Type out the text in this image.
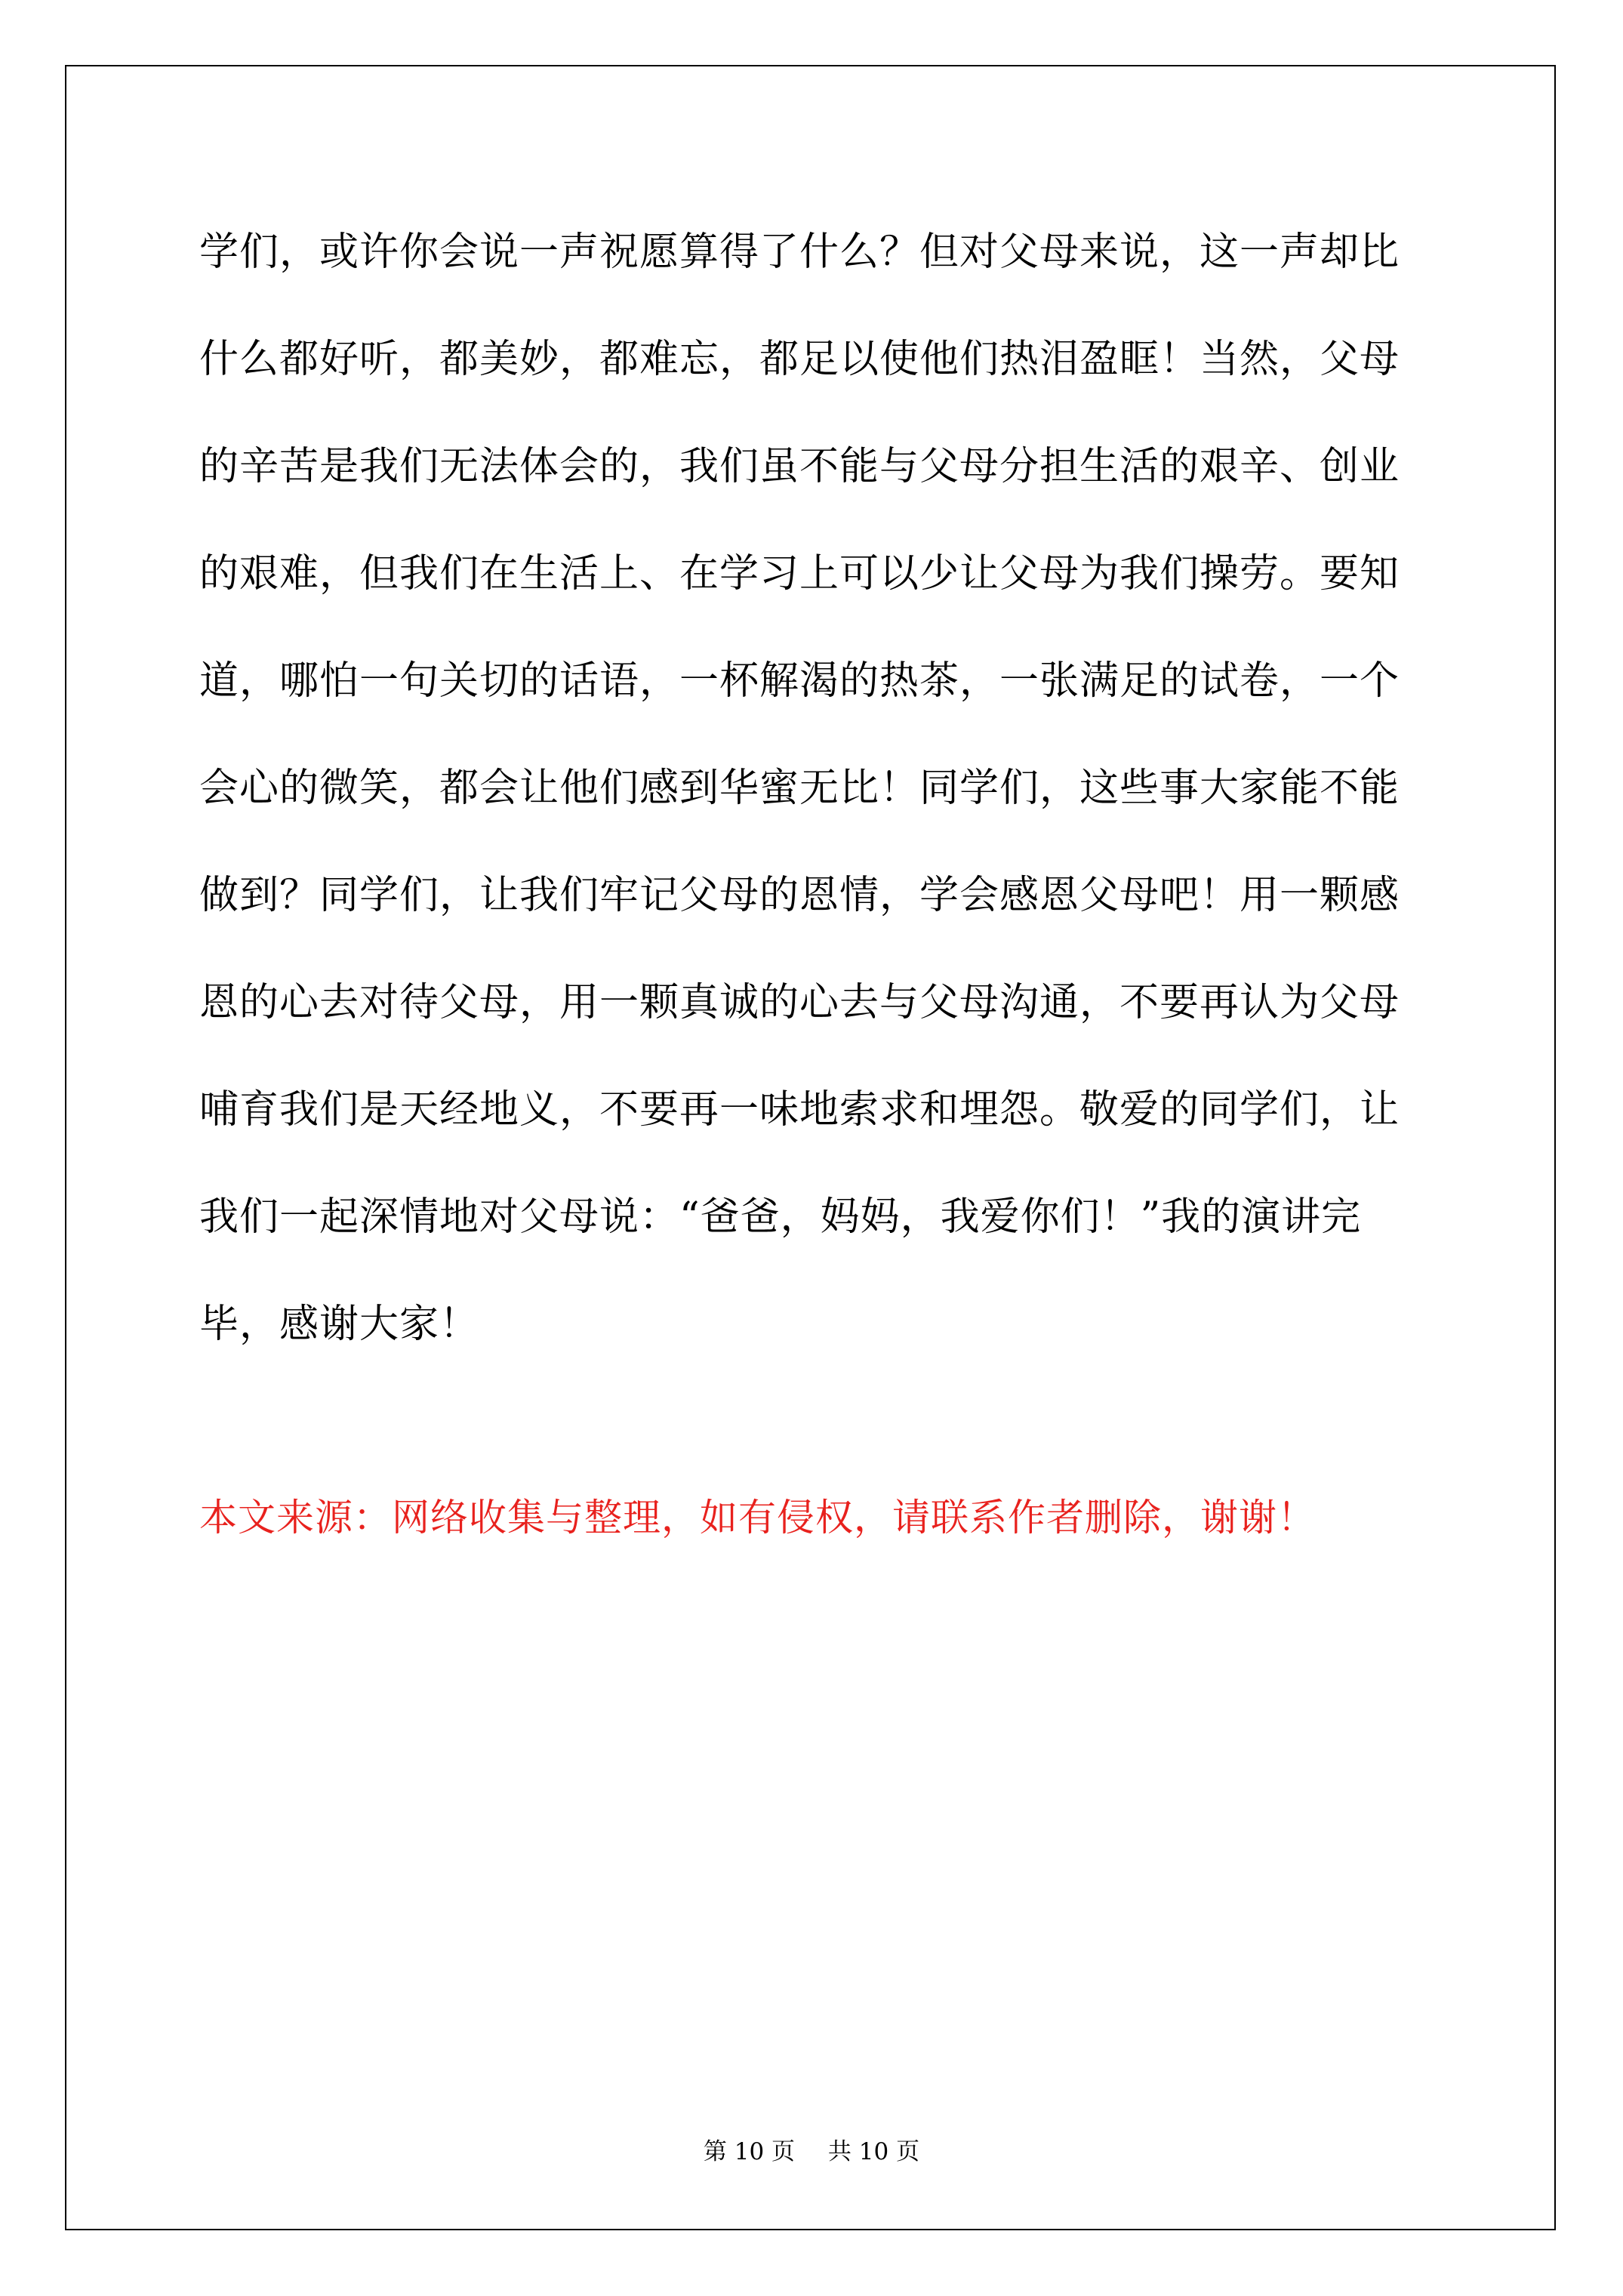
学们，或许你会说一声祝愿算得了什么？但对父母来说，这一声却比
什么都好听，都美妙，都难忘，都足以使他们热泪盈眶！当然，父母
的辛苦是我们无法体会的，我们虽不能与父母分担生活的艰辛、创业
的艰难，但我们在生活上、在学习上可以少让父母为我们操劳。要知
道，哪怕一句关切的话语，一杯解渴的热茶，一张满足的试卷，一个
会心的微笑，都会让他们感到华蜜无比！同学们，这些事大家能不能
做到？同学们，让我们牢记父母的恩情，学会感恩父母吧！用一颗感
恩的心去对待父母，用一颗真诚的心去与父母沟通，不要再认为父母
哺育我们是天经地义，不要再一味地索求和埋怨。敬爱的同学们，让
我们一起深情地对父母说：“爸爸，妈妈，我爱你们！”我的演讲完
毕，感谢大家！
本文来源：网络收集与整理，如有侵权，请联系作者删除，谢谢！
第 10 页 共 10 页
